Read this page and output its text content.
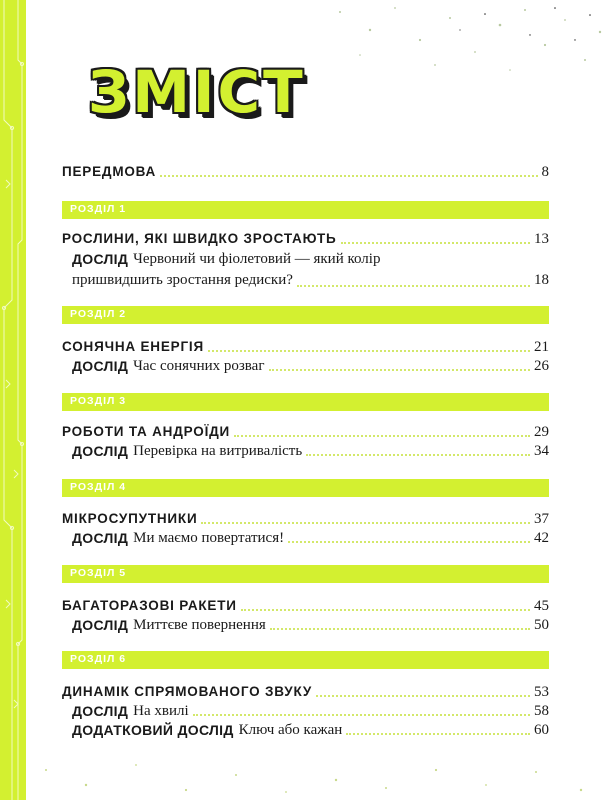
ЗМІСТ
ПЕРЕДМОВА	8
РОЗДІЛ 1
РОСЛИНИ, ЯКІ ШВИДКО ЗРОСТАЮТЬ	13
ДОСЛІД Червоний чи фіолетовий — який колір
пришвидшить зростання редиски?	18
РОЗДІЛ 2
СОНЯЧНА ЕНЕРГІЯ	21
ДОСЛІД Час сонячних розваг	26
РОЗДІЛ 3
РОБОТИ ТА АНДРОЇДИ	29
ДОСЛІД Перевірка на витривалість	34
РОЗДІЛ 4
МІКРОСУПУТНИКИ	37
ДОСЛІД Ми маємо повертатися!	42
РОЗДІЛ 5
БАГАТОРАЗОВІ РАКЕТИ	45
ДОСЛІД Миттєве повернення	50
РОЗДІЛ 6
ДИНАМІК СПРЯМОВАНОГО ЗВУКУ	53
ДОСЛІД На хвилі	58
ДОДАТКОВИЙ ДОСЛІД Ключ або кажан	60
